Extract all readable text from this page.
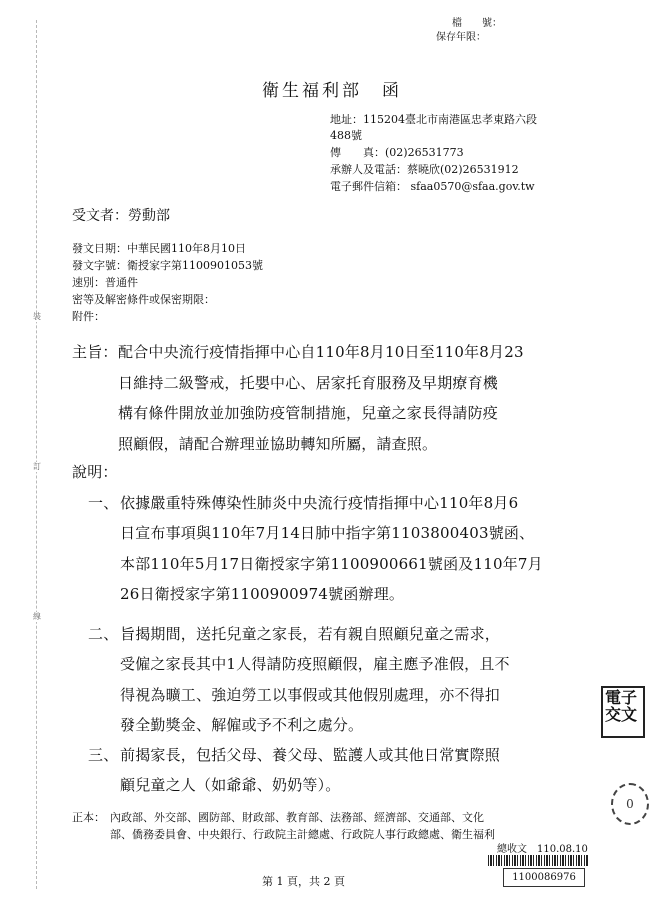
裝
訂
線
檔　　號：
保存年限：
衛生福利部　函
地址：115204臺北市南港區忠孝東路六段
488號
傳　　真：(02)26531773
承辦人及電話：蔡曉欣(02)26531912
電子郵件信箱： sfaa0570@sfaa.gov.tw
受文者：勞動部
發文日期：中華民國110年8月10日
發文字號：衛授家字第1100901053號
速別：普通件
密等及解密條件或保密期限：
附件：
主旨： 配合中央流行疫情指揮中心自110年8月10日至110年8月23
日維持二級警戒，托嬰中心、居家托育服務及早期療育機
構有條件開放並加強防疫管制措施，兒童之家長得請防疫
照顧假，請配合辦理並協助轉知所屬，請查照。
說明：
一、 依據嚴重特殊傳染性肺炎中央流行疫情指揮中心110年8月6
日宣布事項與110年7月14日肺中指字第1103800403號函、
本部110年5月17日衛授家字第1100900661號函及110年7月
26日衛授家字第1100900974號函辦理。
二、 旨揭期間，送托兒童之家長，若有親自照顧兒童之需求，
受僱之家長其中1人得請防疫照顧假，雇主應予准假，且不
得視為曠工、強迫勞工以事假或其他假別處理，亦不得扣
發全勤獎金、解僱或予不利之處分。
三、 前揭家長，包括父母、養父母、監護人或其他日常實際照
顧兒童之人（如爺爺、奶奶等）。
正本： 內政部、外交部、國防部、財政部、教育部、法務部、經濟部、交通部、文化
部、僑務委員會、中央銀行、行政院主計總處、行政院人事行政總處、衛生福利
電子交文
0
總收文　110.08.10
1100086976
第 1 頁，共 2 頁
